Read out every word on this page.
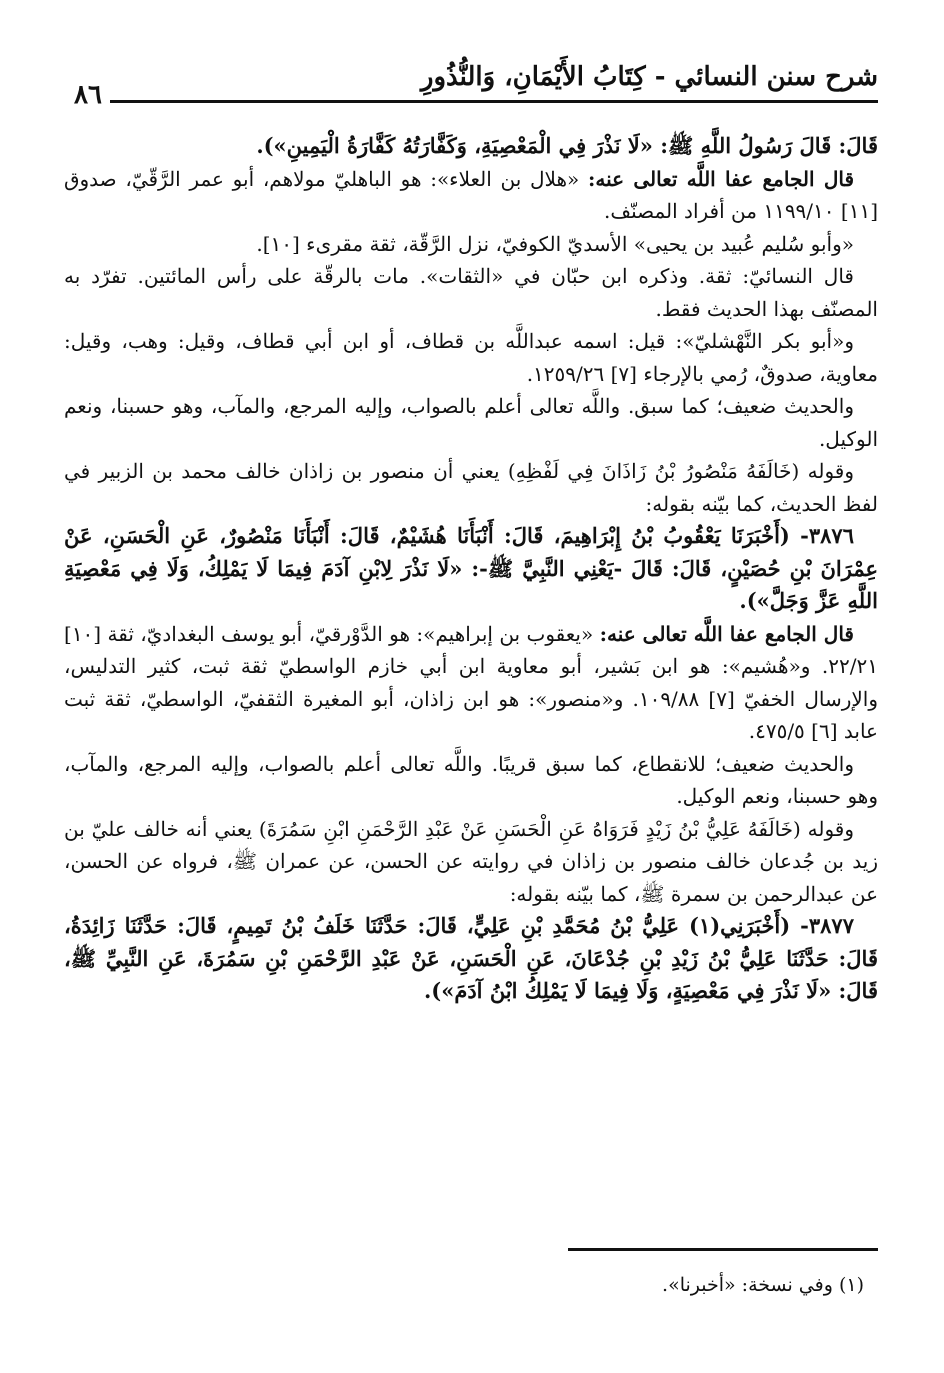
شرح سنن النسائي - كِتَابُ الأَيْمَانِ، وَالنُّذُورِ
٨٦

قَالَ: قَالَ رَسُولُ اللَّهِ ﷺ: «لَا نَذْرَ فِي الْمَعْصِيَةِ، وَكَفَّارَتُهُ كَفَّارَةُ الْيَمِينِ»).

قال الجامع عفا اللَّه تعالى عنه: «هلال بن العلاء»: هو الباهليّ مولاهم، أبو عمر الرَّقّيّ، صدوق [١١] ١١٩٩/١٠ من أفراد المصنّف.

«وأبو سُليم عُبيد بن يحيى» الأسديّ الكوفيّ، نزل الرَّقّة، ثقة مقرىء [١٠].

قال النسائيّ: ثقة. وذكره ابن حبّان في «الثقات». مات بالرقّة على رأس المائتين. تفرّد به المصنّف بهذا الحديث فقط.

و«أبو بكر النَّهْشليّ»: قيل: اسمه عبداللَّه بن قطاف، أو ابن أبي قطاف، وقيل: وهب، وقيل: معاوية، صدوقٌ، رُمي بالإرجاء [٧] ١٢٥٩/٢٦.

والحديث ضعيف؛ كما سبق. واللَّه تعالى أعلم بالصواب، وإليه المرجع، والمآب، وهو حسبنا، ونعم الوكيل.

وقوله (خَالَفَهُ مَنْصُورُ بْنُ زَاذَانَ فِي لَفْظِهِ) يعني أن منصور بن زاذان خالف محمد بن الزبير في لفظ الحديث، كما بيّنه بقوله:

٣٨٧٦- (أَخْبَرَنَا يَعْقُوبُ بْنُ إِبْرَاهِيمَ، قَالَ: أَنْبَأَنَا هُشَيْمٌ، قَالَ: أَنْبَأَنَا مَنْصُورٌ، عَنِ الْحَسَنِ، عَنْ عِمْرَانَ بْنِ حُصَيْنٍ، قَالَ: قَالَ -يَعْنِي النَّبِيَّ ﷺ-: «لَا نَذْرَ لِابْنِ آدَمَ فِيمَا لَا يَمْلِكُ، وَلَا فِي مَعْصِيَةِ اللَّهِ عَزَّ وَجَلَّ»).

قال الجامع عفا اللَّه تعالى عنه: «يعقوب بن إبراهيم»: هو الدَّوْرقيّ، أبو يوسف البغداديّ، ثقة [١٠] ٢٢/٢١. و«هُشيم»: هو ابن بَشير، أبو معاوية ابن أبي خازم الواسطيّ ثقة ثبت، كثير التدليس، والإرسال الخفيّ [٧] ١٠٩/٨٨. و«منصور»: هو ابن زاذان، أبو المغيرة الثقفيّ، الواسطيّ، ثقة ثبت عابد [٦] ٤٧٥/٥.

والحديث ضعيف؛ للانقطاع، كما سبق قريبًا. واللَّه تعالى أعلم بالصواب، وإليه المرجع، والمآب، وهو حسبنا، ونعم الوكيل.

وقوله (خَالَفَهُ عَلِيُّ بْنُ زَيْدٍ فَرَوَاهُ عَنِ الْحَسَنِ عَنْ عَبْدِ الرَّحْمَنِ ابْنِ سَمُرَةَ) يعني أنه خالف عليّ بن زيد بن جُدعان خالف منصور بن زاذان في روايته عن الحسن، عن عمران ﷺ، فرواه عن الحسن، عن عبدالرحمن بن سمرة ﷺ، كما بيّنه بقوله:

٣٨٧٧- (أَخْبَرَنِي(١) عَلِيُّ بْنُ مُحَمَّدِ بْنِ عَلِيٍّ، قَالَ: حَدَّثَنَا خَلَفُ بْنُ تَمِيمٍ، قَالَ: حَدَّثَنَا زَائِدَةُ، قَالَ: حَدَّثَنَا عَلِيُّ بْنُ زَيْدِ بْنِ جُدْعَانَ، عَنِ الْحَسَنِ، عَنْ عَبْدِ الرَّحْمَنِ بْنِ سَمُرَةَ، عَنِ النَّبِيِّ ﷺ، قَالَ: «لَا نَذْرَ فِي مَعْصِيَةٍ، وَلَا فِيمَا لَا يَمْلِكُ ابْنُ آدَمَ»).

(١) وفي نسخة: «أخبرنا».
